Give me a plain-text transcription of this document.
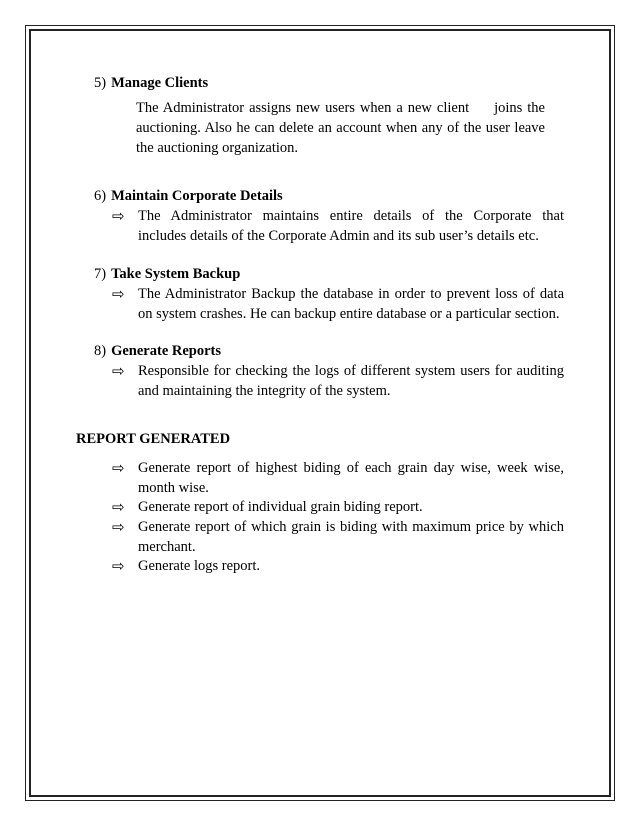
5) Manage Clients
The Administrator assigns new users when a new client     joins the
auctioning. Also he can delete an account when any of the user leave
the auctioning organization.
6) Maintain Corporate Details
⇨ The Administrator maintains entire details of the Corporate that
includes details of the Corporate Admin and its sub user’s details etc.
7) Take System Backup
⇨ The Administrator Backup the database in order to prevent loss of data
on system crashes. He can backup entire database or a particular section.
8) Generate Reports
⇨ Responsible for checking the logs of different system users for auditing
and maintaining the integrity of the system.
REPORT GENERATED
⇨ Generate report of highest biding of each grain day wise, week wise,
month wise.
⇨ Generate report of individual grain biding report.
⇨ Generate report of which grain is biding with maximum price by which
merchant.
⇨ Generate logs report.
